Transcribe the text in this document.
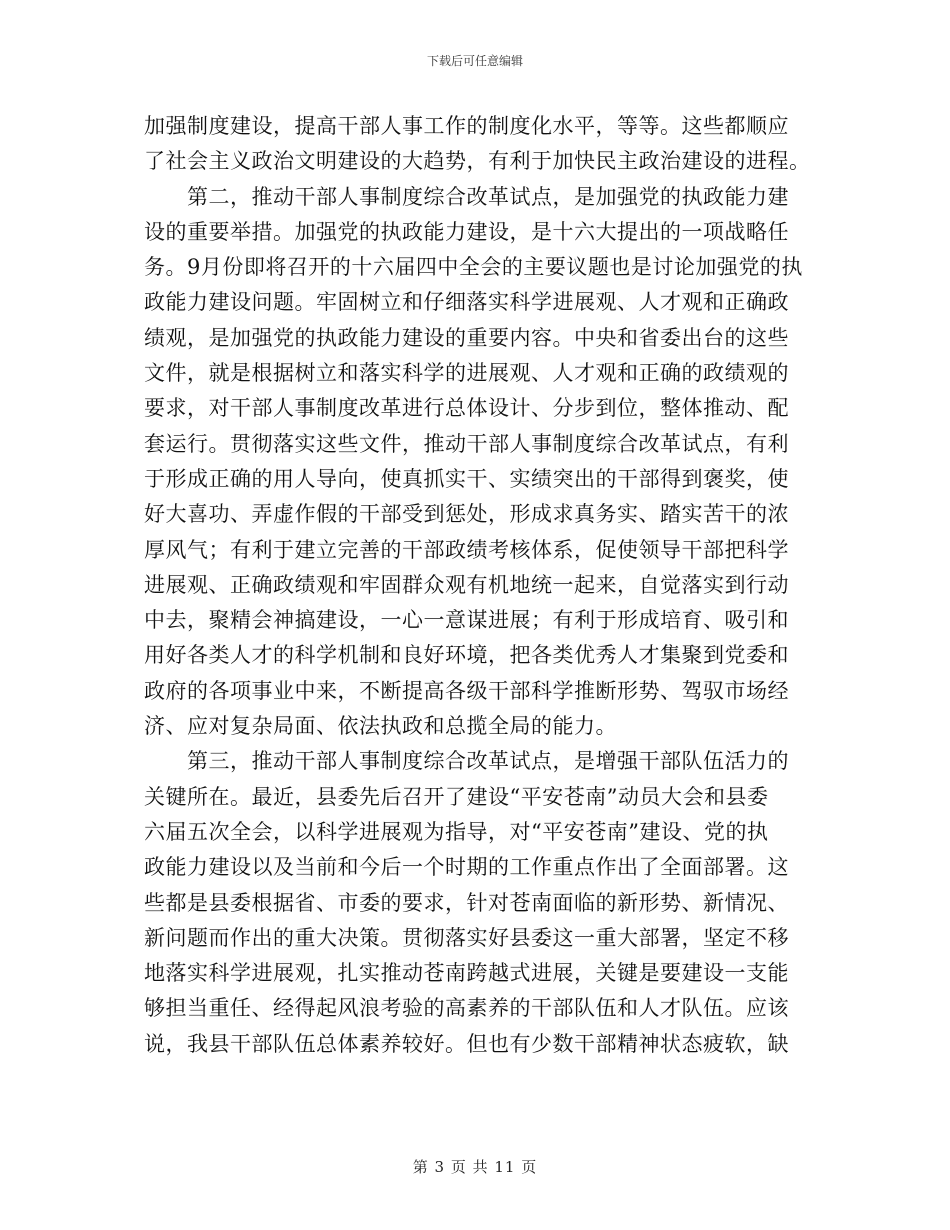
下载后可任意编辑
加强制度建设，提高干部人事工作的制度化水平，等等。这些都顺应
了社会主义政治文明建设的大趋势，有利于加快民主政治建设的进程。
　　第二，推动干部人事制度综合改革试点，是加强党的执政能力建
设的重要举措。加强党的执政能力建设，是十六大提出的一项战略任
务。9月份即将召开的十六届四中全会的主要议题也是讨论加强党的执
政能力建设问题。牢固树立和仔细落实科学进展观、人才观和正确政
绩观，是加强党的执政能力建设的重要内容。中央和省委出台的这些
文件，就是根据树立和落实科学的进展观、人才观和正确的政绩观的
要求，对干部人事制度改革进行总体设计、分步到位，整体推动、配
套运行。贯彻落实这些文件，推动干部人事制度综合改革试点，有利
于形成正确的用人导向，使真抓实干、实绩突出的干部得到褒奖，使
好大喜功、弄虚作假的干部受到惩处，形成求真务实、踏实苦干的浓
厚风气；有利于建立完善的干部政绩考核体系，促使领导干部把科学
进展观、正确政绩观和牢固群众观有机地统一起来，自觉落实到行动
中去，聚精会神搞建设，一心一意谋进展；有利于形成培育、吸引和
用好各类人才的科学机制和良好环境，把各类优秀人才集聚到党委和
政府的各项事业中来，不断提高各级干部科学推断形势、驾驭市场经
济、应对复杂局面、依法执政和总揽全局的能力。
　　第三，推动干部人事制度综合改革试点，是增强干部队伍活力的
关键所在。最近，县委先后召开了建设“平安苍南”动员大会和县委
六届五次全会，以科学进展观为指导，对“平安苍南”建设、党的执
政能力建设以及当前和今后一个时期的工作重点作出了全面部署。这
些都是县委根据省、市委的要求，针对苍南面临的新形势、新情况、
新问题而作出的重大决策。贯彻落实好县委这一重大部署，坚定不移
地落实科学进展观，扎实推动苍南跨越式进展，关键是要建设一支能
够担当重任、经得起风浪考验的高素养的干部队伍和人才队伍。应该
说，我县干部队伍总体素养较好。但也有少数干部精神状态疲软，缺
第 3 页 共 11 页
